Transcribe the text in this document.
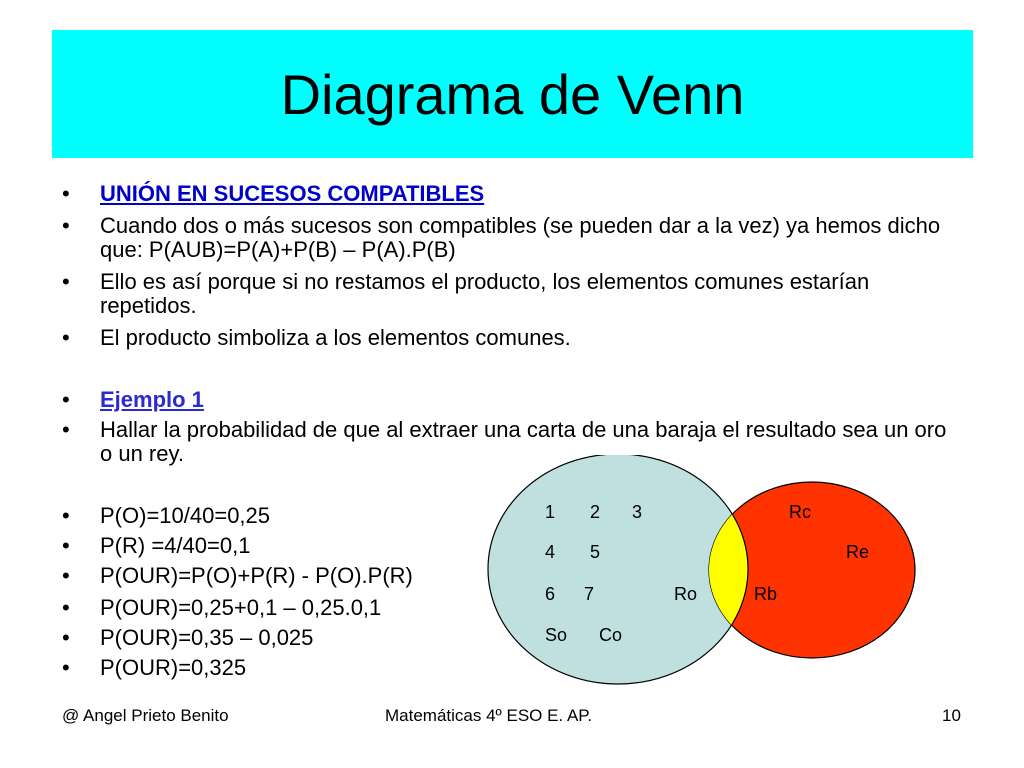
Diagrama de Venn
• UNIÓN EN SUCESOS COMPATIBLES
• Cuando dos o más sucesos son compatibles (se pueden dar a la vez) ya hemos dicho que: P(AUB)=P(A)+P(B) – P(A).P(B)
• Ello es así porque si no restamos el producto, los elementos comunes estarían repetidos.
• El producto simboliza a los elementos comunes.
• Ejemplo 1
• Hallar la probabilidad de que al extraer una carta de una baraja el resultado sea un oro o un rey.
• P(O)=10/40=0,25
• P(R) =4/40=0,1
• P(OUR)=P(O)+P(R) - P(O).P(R)
• P(OUR)=0,25+0,1 – 0,25.0,1
• P(OUR)=0,35 – 0,025
• P(OUR)=0,325
1 2 3
4 5
6 7
So Co
Ro
Rc
Re
Rb
@ Angel Prieto Benito	Matemáticas 4º ESO E. AP.	10
